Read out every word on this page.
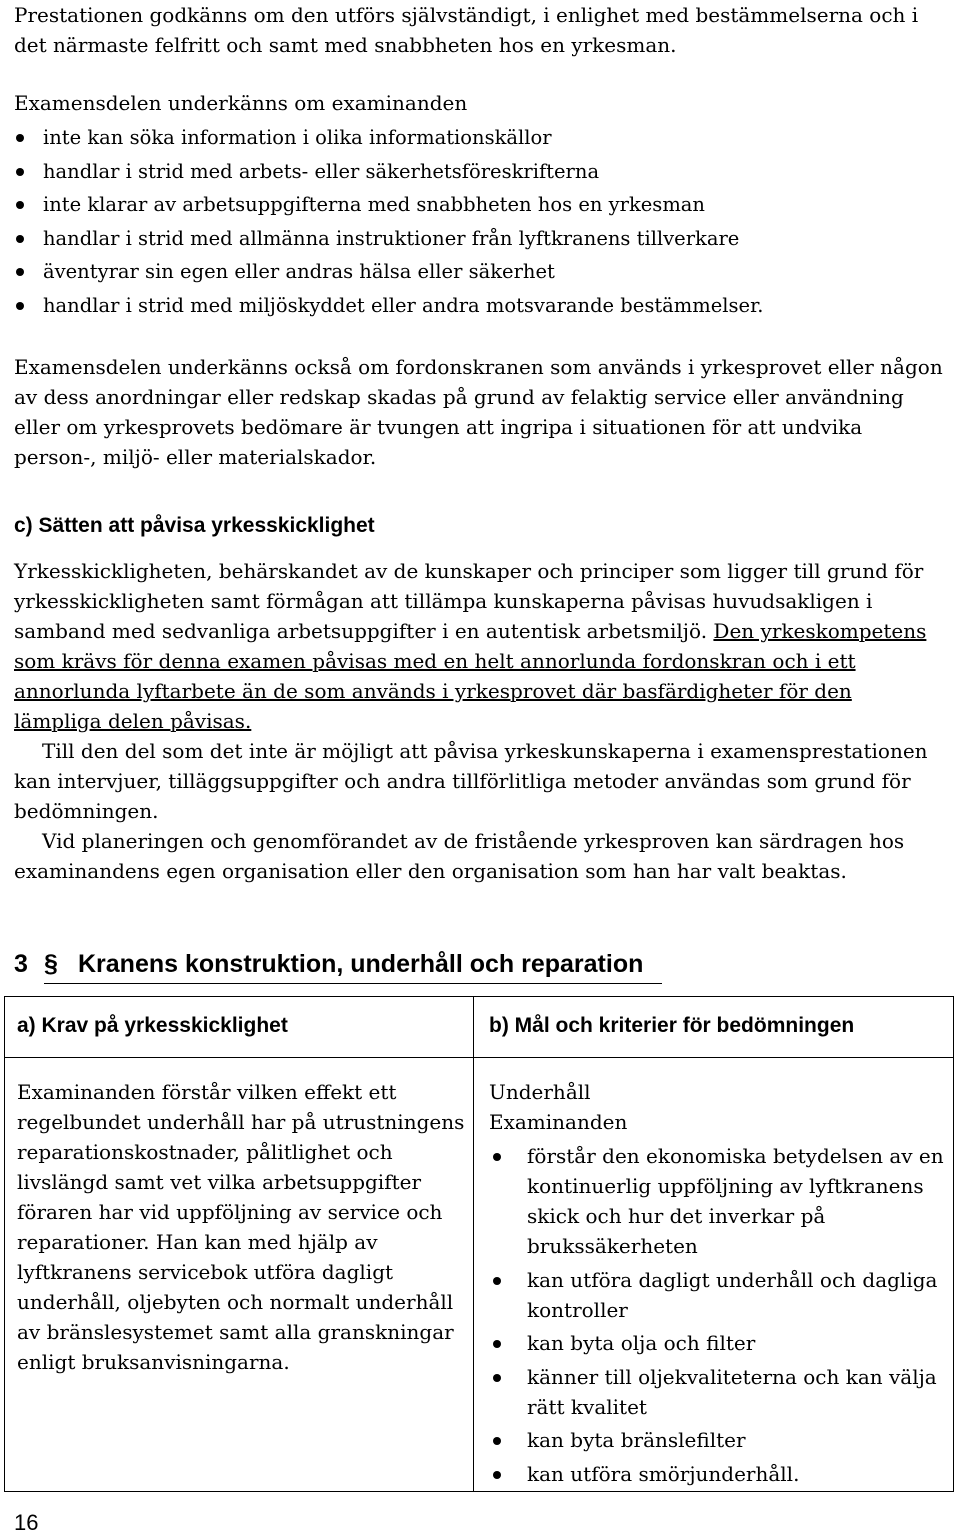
Prestationen godkänns om den utförs självständigt, i enlighet med bestämmelserna och i det närmaste felfritt och samt med snabbheten hos en yrkesman.

Examensdelen underkänns om examinanden

inte kan söka information i olika informationskällor
handlar i strid med arbets- eller säkerhetsföreskrifterna
inte klarar av arbetsuppgifterna med snabbheten hos en yrkesman
handlar i strid med allmänna instruktioner från lyftkranens tillverkare
äventyrar sin egen eller andras hälsa eller säkerhet
handlar i strid med miljöskyddet eller andra motsvarande bestämmelser.

Examensdelen underkänns också om fordonskranen som används i yrkesprovet eller någon av dess anordningar eller redskap skadas på grund av felaktig service eller användning eller om yrkesprovets bedömare är tvungen att ingripa i situationen för att undvika person-, miljö- eller materialskador.

c) Sätten att påvisa yrkesskicklighet

Yrkesskickligheten, behärskandet av de kunskaper och principer som ligger till grund för yrkesskickligheten samt förmågan att tillämpa kunskaperna påvisas huvudsakligen i samband med sedvanliga arbetsuppgifter i en autentisk arbetsmiljö. Den yrkeskompetens som krävs för denna examen påvisas med en helt annorlunda fordonskran och i ett annorlunda lyftarbete än de som används i yrkesprovet där basfärdigheter för den lämpliga delen påvisas.

Till den del som det inte är möjligt att påvisa yrkeskunskaperna i examensprestationen kan intervjuer, tilläggsuppgifter och andra tillförlitliga metoder användas som grund för bedömningen.

Vid planeringen och genomförandet av de fristående yrkesproven kan särdragen hos examinandens egen organisation eller den organisation som han har valt beaktas.

3 § Kranens konstruktion, underhåll och reparation
a) Krav på yrkesskicklighet	b) Mål och kriterier för bedömningen

Examinanden förstår vilken effekt ett regelbundet underhåll har på utrustningens reparationskostnader, pålitlighet och livslängd samt vet vilka arbetsuppgifter föraren har vid uppföljning av service och reparationer. Han kan med hjälp av lyftkranens servicebok utföra dagligt underhåll, oljebyten och normalt underhåll av bränslesystemet samt alla granskningar enligt bruksanvisningarna.

Underhåll

Examinanden

förstår den ekonomiska betydelsen av en kontinuerlig uppföljning av lyftkranens skick och hur det inverkar på brukssäkerheten
kan utföra dagligt underhåll och dagliga kontroller
kan byta olja och filter
känner till oljekvaliteterna och kan välja rätt kvalitet
kan byta bränslefilter
kan utföra smörjunderhåll.
16
